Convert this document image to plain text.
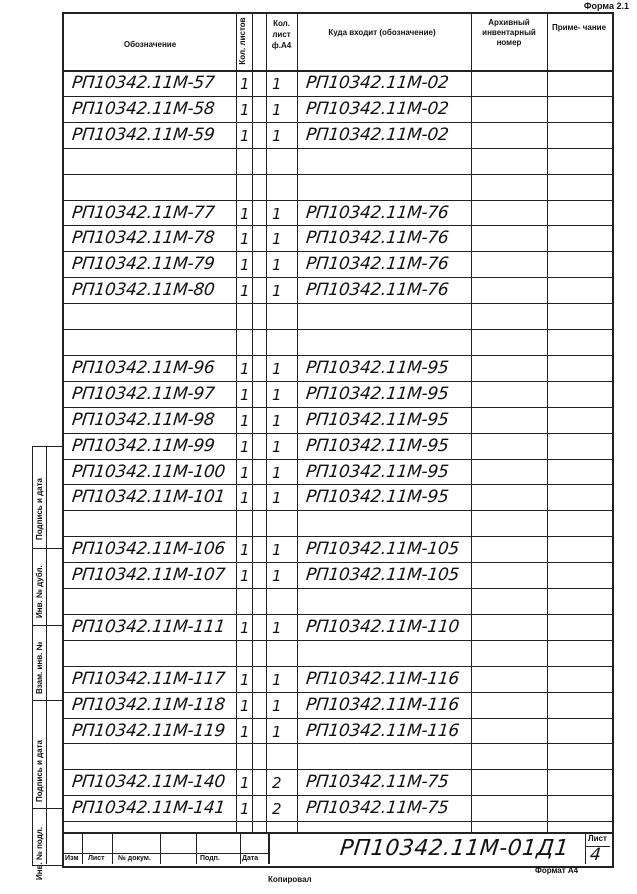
Форма 2.1
Обозначение	Кол. листов	Кол. лист ф.А4
Куда входит (обозначение)
Архивный инвентарный номер
Приме- чание
РП10342.11М-57 1 1 РП10342.11М-02
РП10342.11М-58 1 1 РП10342.11М-02
РП10342.11М-59 1 1 РП10342.11М-02
РП10342.11М-77 1 1 РП10342.11М-76
РП10342.11М-78 1 1 РП10342.11М-76
РП10342.11М-79 1 1 РП10342.11М-76
РП10342.11М-80 1 1 РП10342.11М-76
РП10342.11М-96 1 1 РП10342.11М-95
РП10342.11М-97 1 1 РП10342.11М-95
РП10342.11М-98 1 1 РП10342.11М-95
РП10342.11М-99 1 1 РП10342.11М-95
РП10342.11М-100 1 1 РП10342.11М-95
РП10342.11М-101 1 1 РП10342.11М-95
РП10342.11М-106 1 1 РП10342.11М-105
РП10342.11М-107 1 1 РП10342.11М-105
РП10342.11М-111 1 1 РП10342.11М-110
РП10342.11М-117 1 1 РП10342.11М-116
РП10342.11М-118 1 1 РП10342.11М-116
РП10342.11М-119 1 1 РП10342.11М-116
РП10342.11М-140 1 2 РП10342.11М-75
РП10342.11М-141 1 2 РП10342.11М-75
Подпись и дата
Инв. № дубл.
Взам. инв. №
Подпись и дата
Инв. № подл.	Изм Лист № докум.	Подп.	Дата	РП10342.11М-01Д1 Лист
4
Копировал
Формат А4
